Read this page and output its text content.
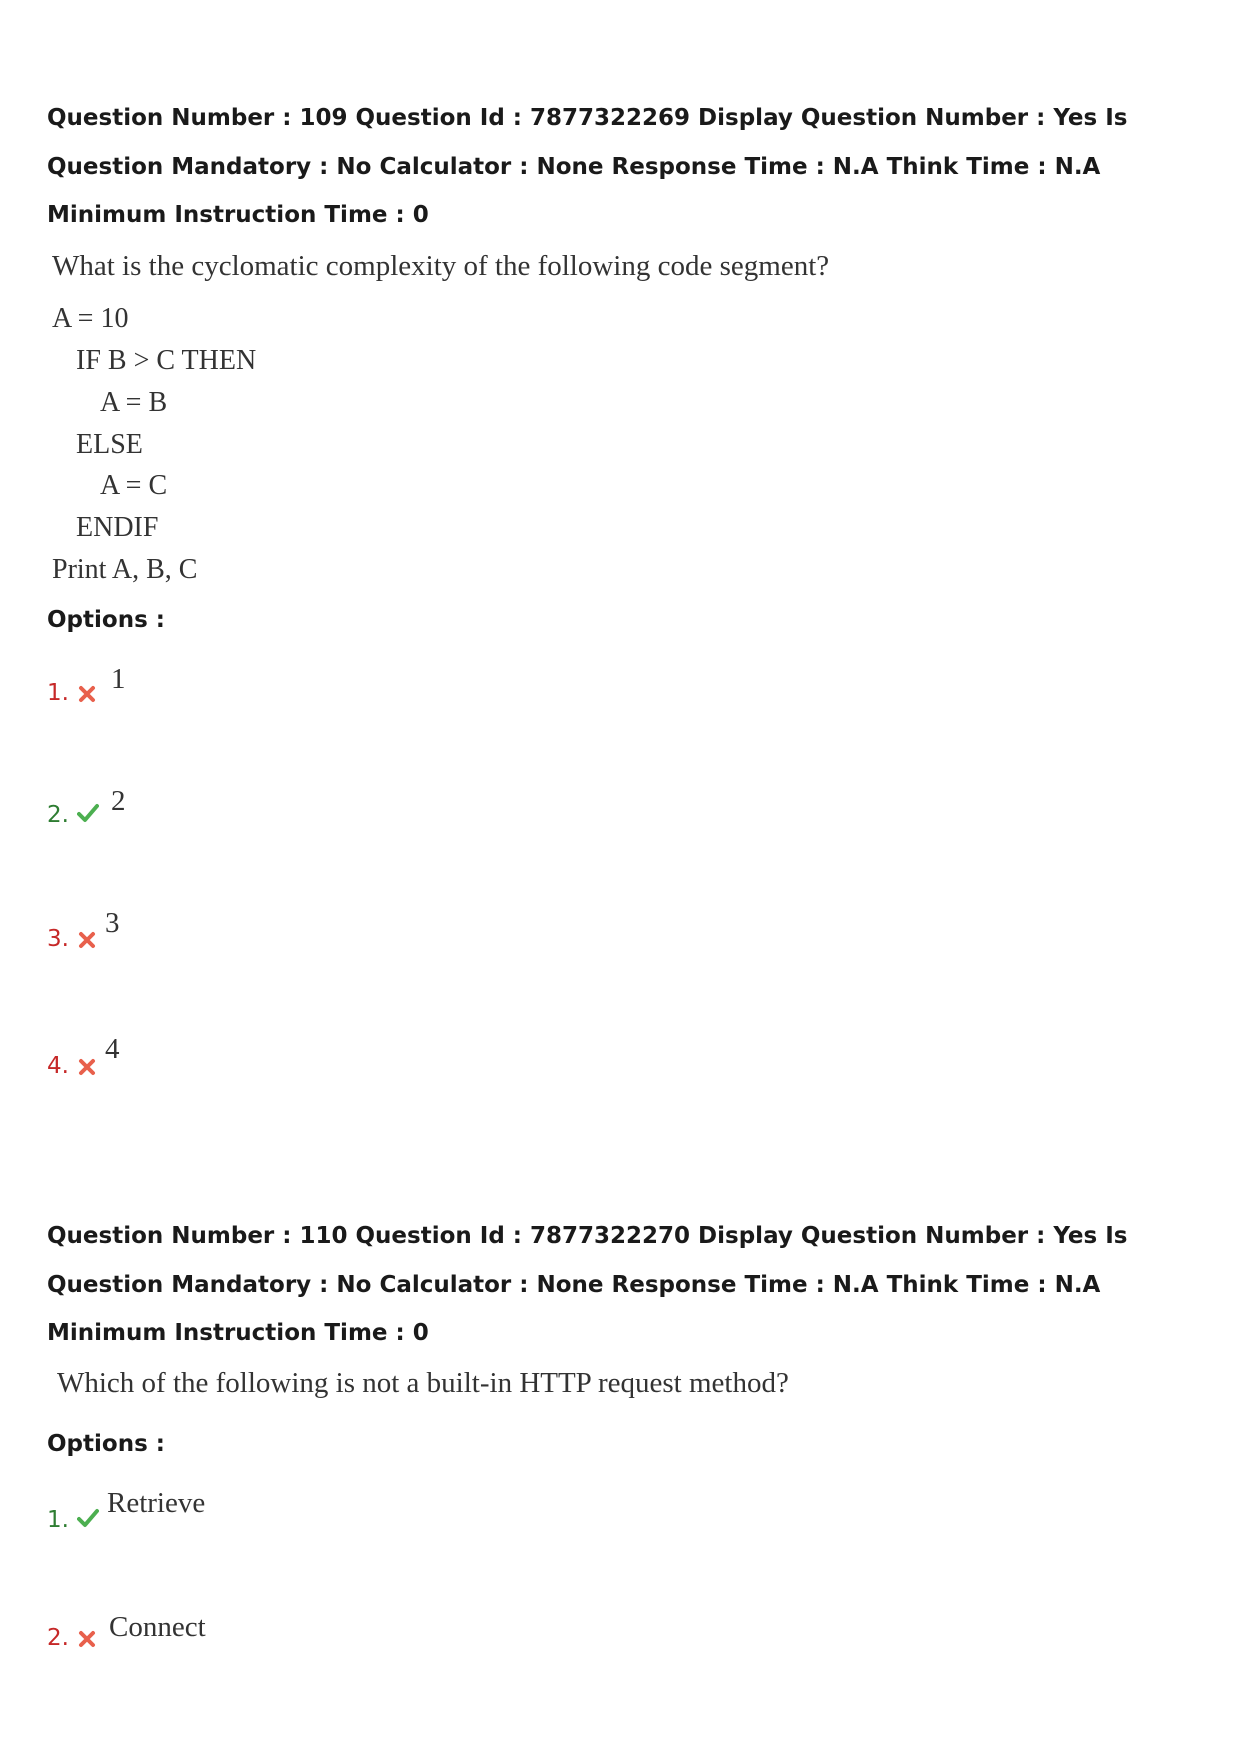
Question Number : 109 Question Id : 7877322269 Display Question Number : Yes Is Question Mandatory : No Calculator : None Response Time : N.A Think Time : N.A Minimum Instruction Time : 0
What is the cyclomatic complexity of the following code segment?
A = 10
IF B > C THEN
A = B
ELSE
A = C
ENDIF
Print A, B, C
Options :
1. 1
2. 2
3. 3
4.
4
Question Number : 110 Question Id : 7877322270 Display Question Number : Yes Is Question Mandatory : No Calculator : None Response Time : N.A Think Time : N.A Minimum Instruction Time : 0
Which of the following is not a built-in HTTP request method?
Options :
1.
Retrieve
2. Connect
